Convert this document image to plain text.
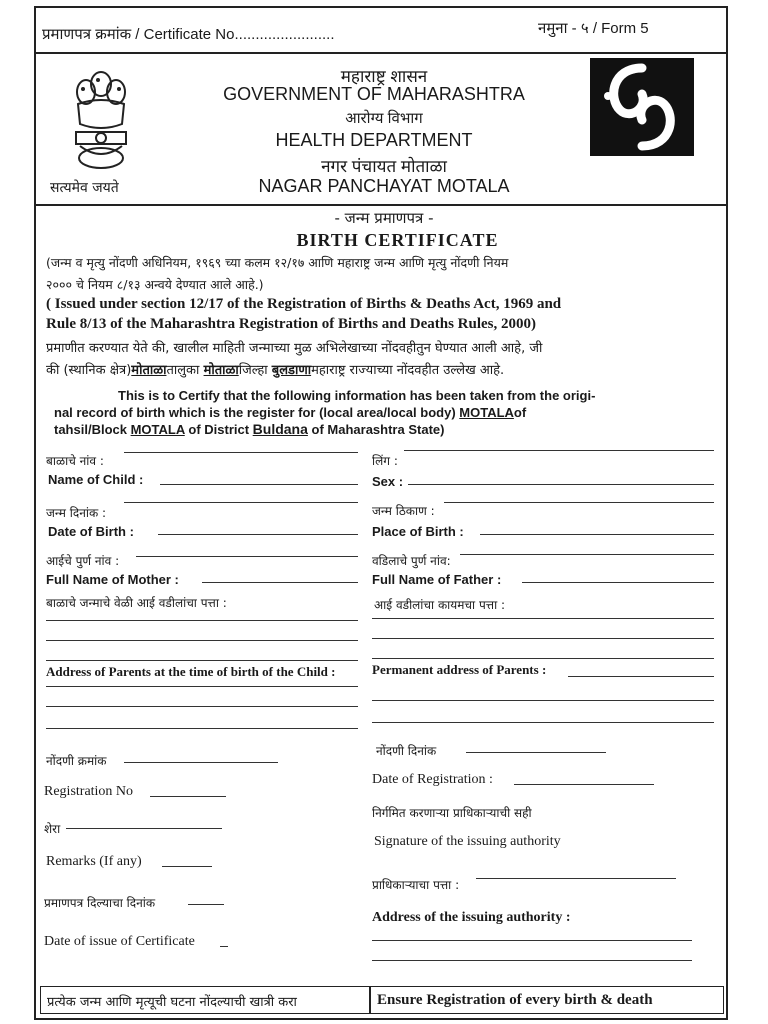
प्रमाणपत्र क्रमांक / Certificate No........................	नमुना - ५ / Form 5
सत्यमेव जयते
महाराष्ट्र शासन
GOVERNMENT OF MAHARASHTRA
आरोग्य विभाग
HEALTH DEPARTMENT
नगर पंचायत मोताळा
NAGAR PANCHAYAT MOTALA
- जन्म प्रमाणपत्र -
BIRTH CERTIFICATE
(जन्म व मृत्यु नोंदणी अधिनियम, १९६९ च्या कलम १२/१७ आणि महाराष्ट्र जन्म आणि मृत्यु नोंदणी नियम
२००० चे नियम ८/१३ अन्वये देण्यात आले आहे.)
( Issued under section 12/17 of the Registration of Births & Deaths Act, 1969 and
Rule 8/13 of the Maharashtra Registration of Births and Deaths Rules, 2000)
प्रमाणीत करण्यात येते की, खालील माहिती जन्माच्या मुळ अभिलेखाच्या नोंदवहीतुन घेण्यात आली आहे, जी
की (स्थानिक क्षेत्र)मोताळातालुका मोताळाजिल्हा बुलडाणामहाराष्ट्र राज्याच्या नोंदवहीत उल्लेख आहे.
This is to Certify that the following information has been taken from the origi-
nal record of birth which is the register for (local area/local body) MOTALAof
tahsil/Block MOTALA of District Buldana of Maharashtra State)
बाळाचे नांव :
Name of Child :
जन्म दिनांक :
Date of Birth :
आईचे पुर्ण नांव :
Full Name of Mother :
बाळाचे जन्माचे वेळी आई वडीलांचा पत्ता :
Address of Parents at the time of birth of the Child :
नोंदणी क्रमांक
Registration No
शेरा
Remarks (If any)
प्रमाणपत्र दिल्याचा दिनांक
Date of issue of Certificate
लिंग :
Sex :
जन्म ठिकाण :
Place of Birth :
वडिलाचे पुर्ण नांव:
Full Name of Father :
आई वडीलांचा कायमचा पत्ता :
Permanent address of Parents :
नोंदणी दिनांक
Date of Registration :
निर्गमित करणाऱ्या प्राधिकाऱ्याची सही
Signature of the issuing authority
प्राधिकाऱ्याचा पत्ता :
Address of the issuing authority :
प्रत्येक जन्म आणि मृत्यूची घटना नोंदल्याची खात्री करा	Ensure Registration of every birth & death
